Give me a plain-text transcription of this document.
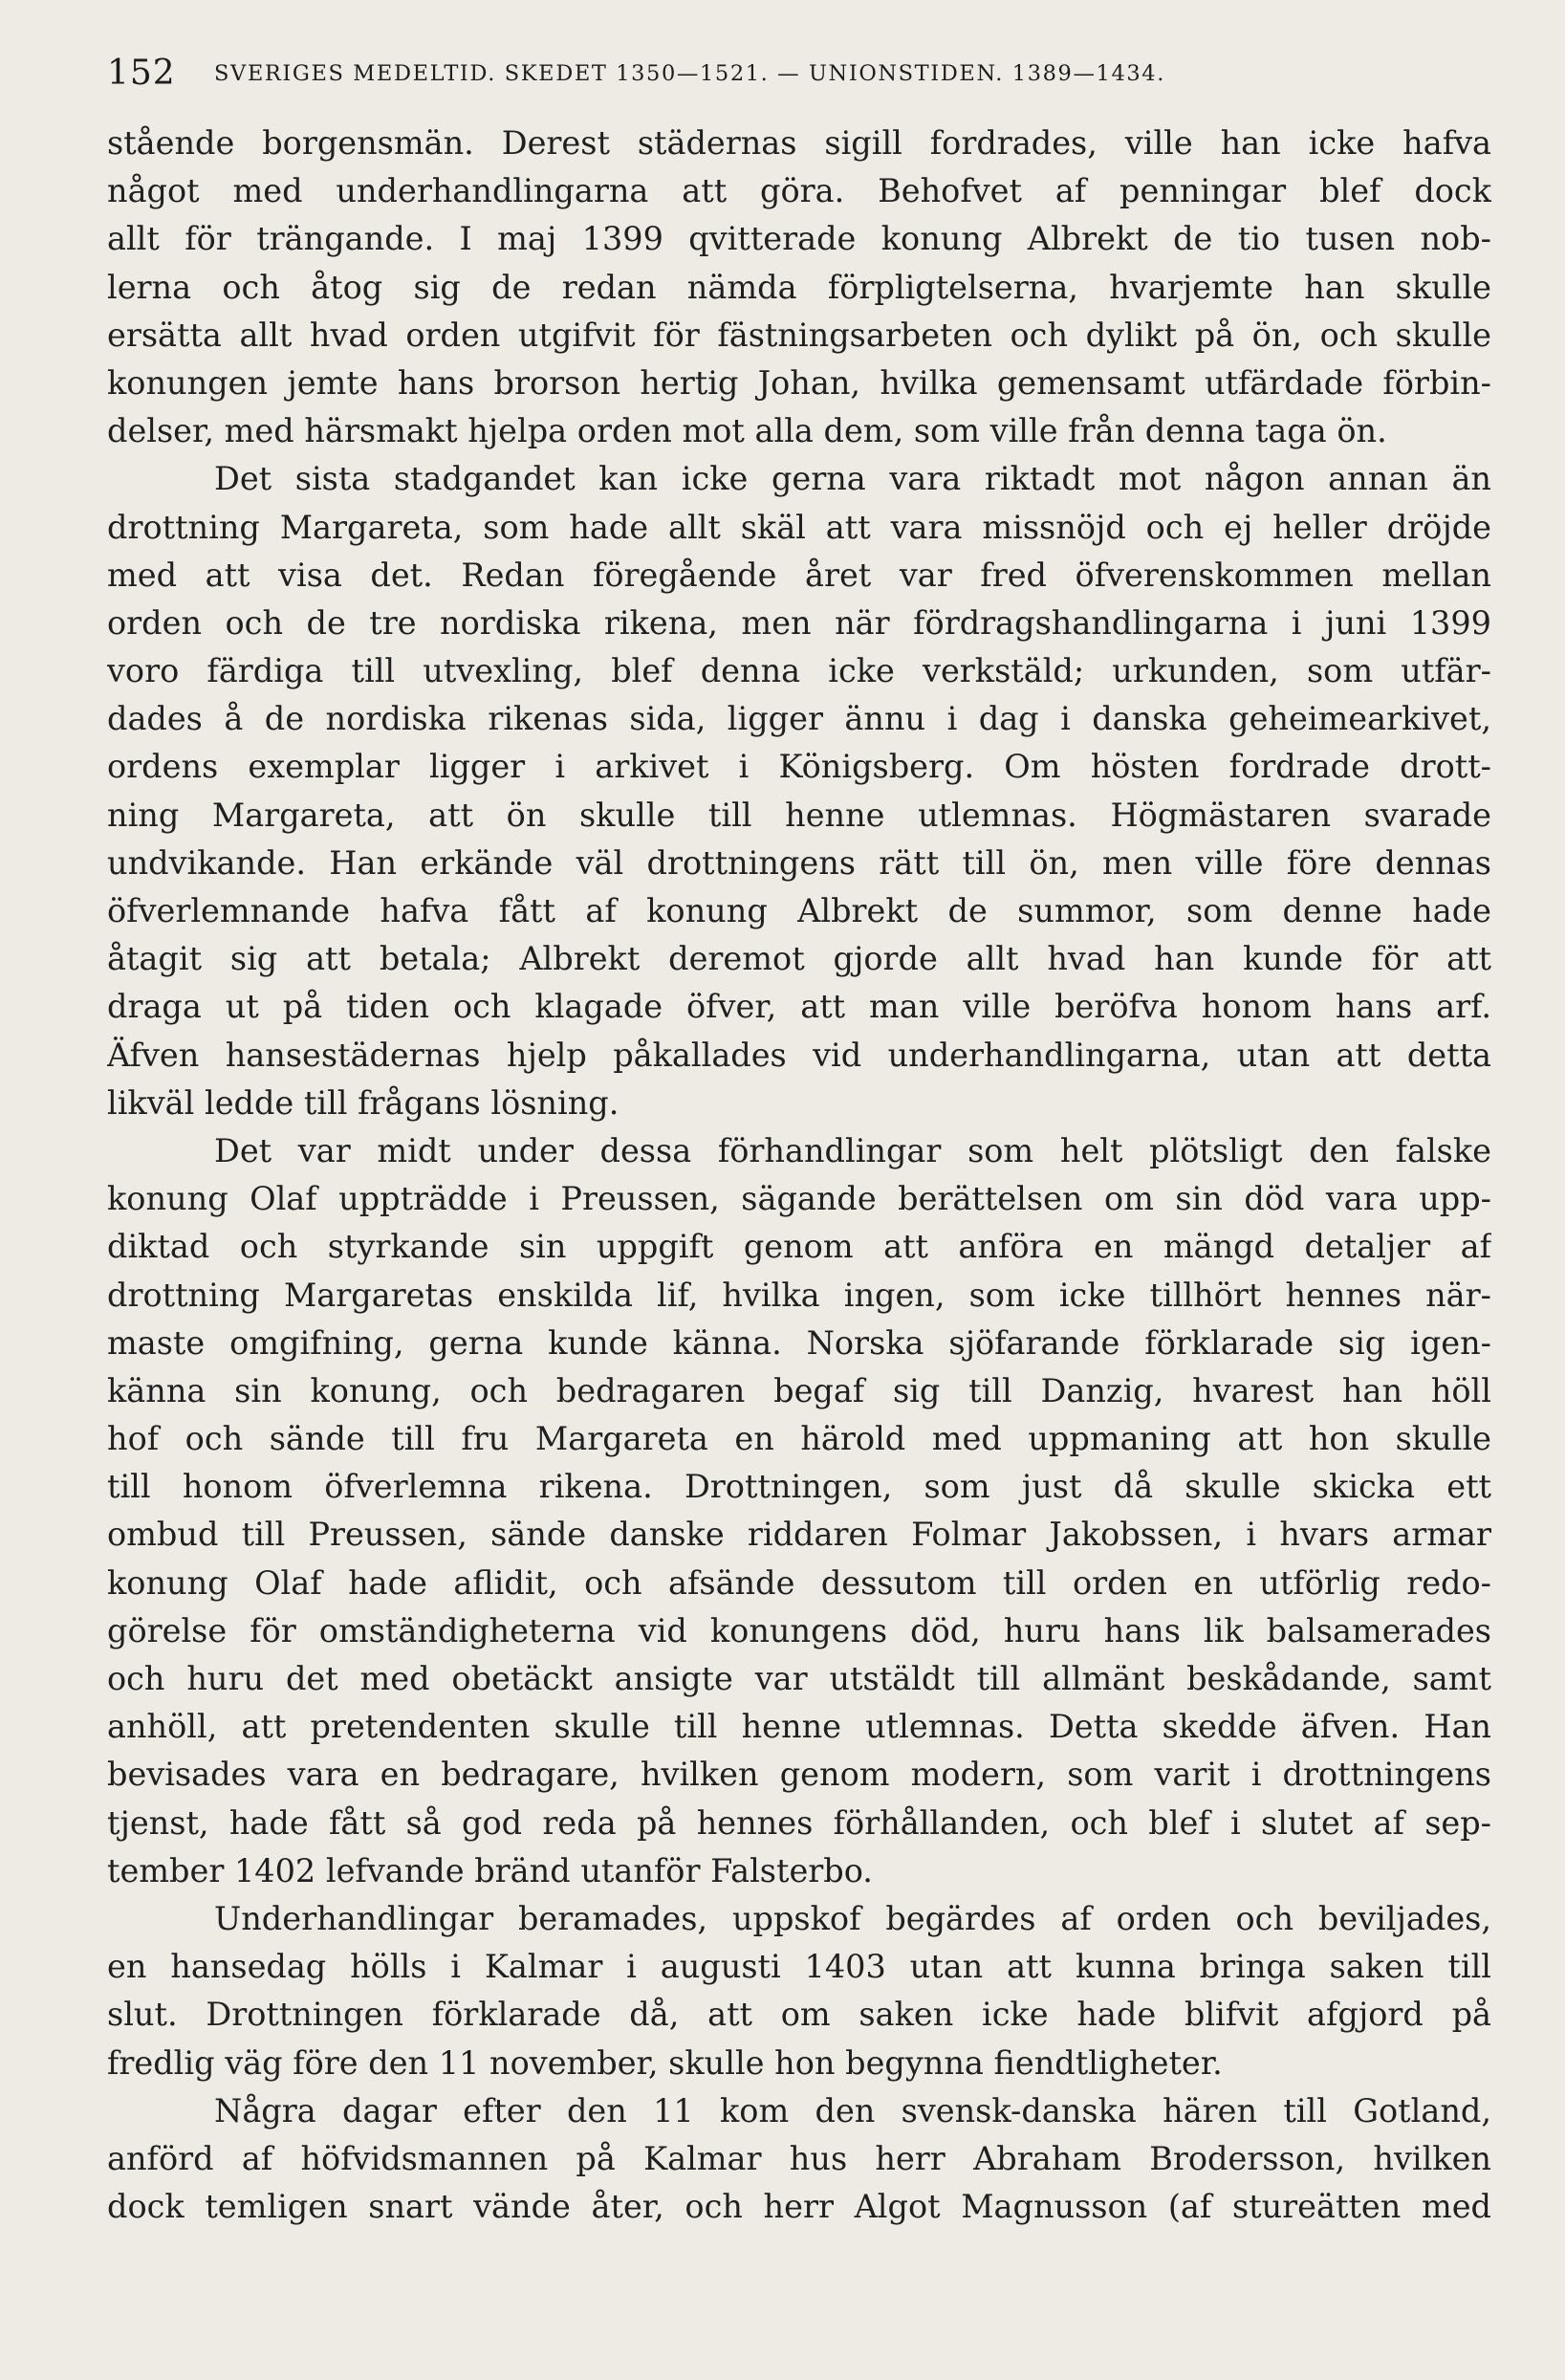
152 SVERIGES MEDELTID. SKEDET 1350—1521. — UNIONSTIDEN. 1389—1434.
stående borgensmän. Derest städernas sigill fordrades, ville han icke hafva
något med underhandlingarna att göra. Behofvet af penningar blef dock
allt för trängande. I maj 1399 qvitterade konung Albrekt de tio tusen nob-
lerna och åtog sig de redan nämda förpligtelserna, hvarjemte han skulle
ersätta allt hvad orden utgifvit för fästningsarbeten och dylikt på ön, och skulle
konungen jemte hans brorson hertig Johan, hvilka gemensamt utfärdade förbin-
delser, med härsmakt hjelpa orden mot alla dem, som ville från denna taga ön.
Det sista stadgandet kan icke gerna vara riktadt mot någon annan än
drottning Margareta, som hade allt skäl att vara missnöjd och ej heller dröjde
med att visa det. Redan föregående året var fred öfverenskommen mellan
orden och de tre nordiska rikena, men när fördragshandlingarna i juni 1399
voro färdiga till utvexling, blef denna icke verkstäld; urkunden, som utfär-
dades å de nordiska rikenas sida, ligger ännu i dag i danska geheimearkivet,
ordens exemplar ligger i arkivet i Königsberg. Om hösten fordrade drott-
ning Margareta, att ön skulle till henne utlemnas. Högmästaren svarade
undvikande. Han erkände väl drottningens rätt till ön, men ville före dennas
öfverlemnande hafva fått af konung Albrekt de summor, som denne hade
åtagit sig att betala; Albrekt deremot gjorde allt hvad han kunde för att
draga ut på tiden och klagade öfver, att man ville beröfva honom hans arf.
Äfven hansestädernas hjelp påkallades vid underhandlingarna, utan att detta
likväl ledde till frågans lösning.
Det var midt under dessa förhandlingar som helt plötsligt den falske
konung Olaf uppträdde i Preussen, sägande berättelsen om sin död vara upp-
diktad och styrkande sin uppgift genom att anföra en mängd detaljer af
drottning Margaretas enskilda lif, hvilka ingen, som icke tillhört hennes när-
maste omgifning, gerna kunde känna. Norska sjöfarande förklarade sig igen-
känna sin konung, och bedragaren begaf sig till Danzig, hvarest han höll
hof och sände till fru Margareta en härold med uppmaning att hon skulle
till honom öfverlemna rikena. Drottningen, som just då skulle skicka ett
ombud till Preussen, sände danske riddaren Folmar Jakobssen, i hvars armar
konung Olaf hade aflidit, och afsände dessutom till orden en utförlig redo-
görelse för omständigheterna vid konungens död, huru hans lik balsamerades
och huru det med obetäckt ansigte var utstäldt till allmänt beskådande, samt
anhöll, att pretendenten skulle till henne utlemnas. Detta skedde äfven. Han
bevisades vara en bedragare, hvilken genom modern, som varit i drottningens
tjenst, hade fått så god reda på hennes förhållanden, och blef i slutet af sep-
tember 1402 lefvande bränd utanför Falsterbo.
Underhandlingar beramades, uppskof begärdes af orden och beviljades,
en hansedag hölls i Kalmar i augusti 1403 utan att kunna bringa saken till
slut. Drottningen förklarade då, att om saken icke hade blifvit afgjord på
fredlig väg före den 11 november, skulle hon begynna fiendtligheter.
Några dagar efter den 11 kom den svensk-danska hären till Gotland,
anförd af höfvidsmannen på Kalmar hus herr Abraham Brodersson, hvilken
dock temligen snart vände åter, och herr Algot Magnusson (af stureätten med
